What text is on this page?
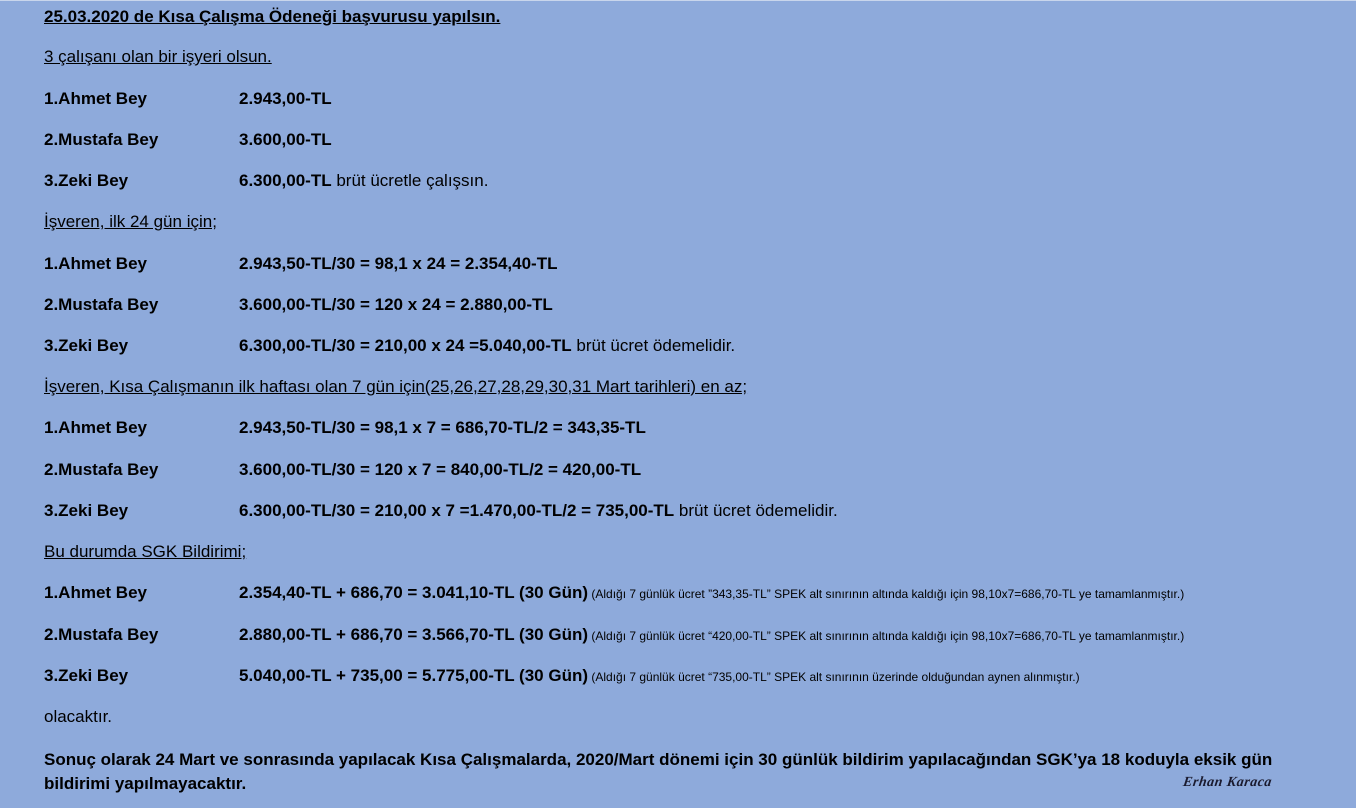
25.03.2020 de Kısa Çalışma Ödeneği başvurusu yapılsın.
3 çalışanı olan bir işyeri olsun.
1.Ahmet Bey	2.943,00-TL
2.Mustafa Bey	3.600,00-TL
3.Zeki Bey	6.300,00-TL brüt ücretle çalışsın.
İşveren, ilk 24 gün için;
1.Ahmet Bey	2.943,50-TL/30 = 98,1 x 24 = 2.354,40-TL
2.Mustafa Bey	3.600,00-TL/30 = 120 x 24 = 2.880,00-TL
3.Zeki Bey	6.300,00-TL/30 = 210,00 x 24 =5.040,00-TL brüt ücret ödemelidir.
İşveren, Kısa Çalışmanın ilk haftası olan 7 gün için(25,26,27,28,29,30,31 Mart tarihleri) en az;
1.Ahmet Bey	2.943,50-TL/30 = 98,1 x 7 = 686,70-TL/2 = 343,35-TL
2.Mustafa Bey	3.600,00-TL/30 = 120 x 7 = 840,00-TL/2 = 420,00-TL
3.Zeki Bey	6.300,00-TL/30 = 210,00 x 7 =1.470,00-TL/2 = 735,00-TL brüt ücret ödemelidir.
Bu durumda SGK Bildirimi;
1.Ahmet Bey	2.354,40-TL + 686,70 = 3.041,10-TL (30 Gün) (Aldığı 7 günlük ücret ”343,35-TL” SPEK alt sınırının altında kaldığı için 98,10x7=686,70-TL ye tamamlanmıştır.)
2.Mustafa Bey	2.880,00-TL + 686,70 = 3.566,70-TL (30 Gün) (Aldığı 7 günlük ücret “420,00-TL” SPEK alt sınırının altında kaldığı için 98,10x7=686,70-TL ye tamamlanmıştır.)
3.Zeki Bey	5.040,00-TL + 735,00 = 5.775,00-TL (30 Gün) (Aldığı 7 günlük ücret “735,00-TL” SPEK alt sınırının üzerinde olduğundan aynen alınmıştır.)
olacaktır.
Sonuç olarak 24 Mart ve sonrasında yapılacak Kısa Çalışmalarda, 2020/Mart dönemi için 30 günlük bildirim yapılacağından SGK’ya 18 koduyla eksik gün bildirimi yapılmayacaktır.	Erhan Karaca
